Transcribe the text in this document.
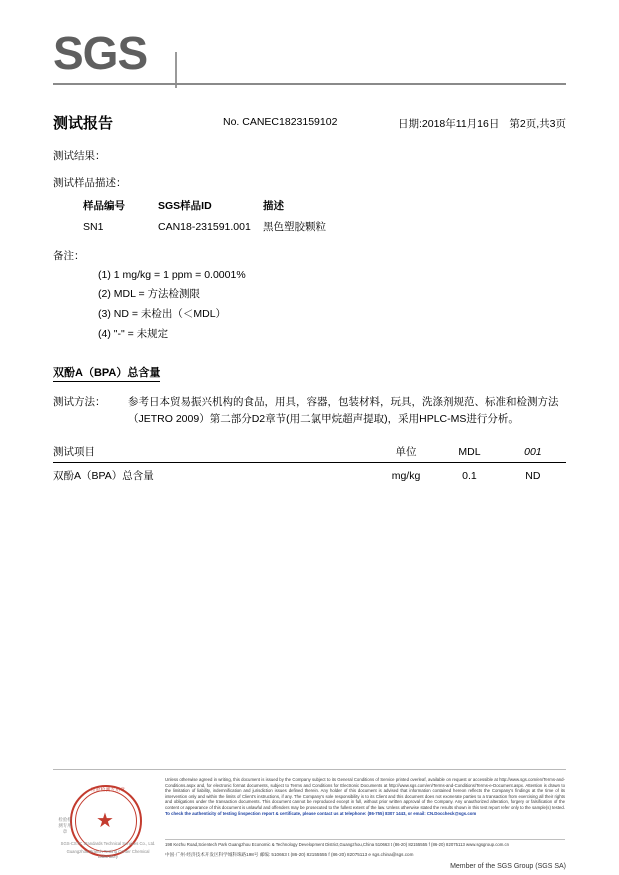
SGS
测试报告	No. CANEC1823159102	日期:2018年11月16日 第2页,共3页
测试结果：
测试样品描述：
样品编号	SGS样品ID	描述
SN1	CAN18-231591.001	黑色塑胶颗粒
备注：
(1) 1 mg/kg = 1 ppm = 0.0001%
(2) MDL = 方法检测限
(3) ND = 未检出（＜MDL）
(4) "-" = 未规定
双酚A（BPA）总含量
测试方法：	参考日本贸易振兴机构的食品，用具，容器，包装材料，玩具，洗涤剂规范、标准和检测方法（JETRO 2009）第二部分D2章节(用二氯甲烷超声提取)，采用HPLC-MS进行分析。
测试项目	单位	MDL	001
双酚A（BPA）总含量	mg/kg	0.1	ND
★
检验检测专用章
检验检测专用章
SGS-CSTC Standards Technical Services Co., Ltd.
Guangzhou Branch Testing Center Chemical Laboratory
Unless otherwise agreed in writing, this document is issued by the Company subject to its General Conditions of Service printed overleaf, available on request or accessible at http://www.sgs.com/en/Terms-and-Conditions.aspx and, for electronic format documents, subject to Terms and Conditions for Electronic Documents at http://www.sgs.com/en/Terms-and-Conditions/Terms-e-Document.aspx. Attention is drawn to the limitation of liability, indemnification and jurisdiction issues defined therein. Any holder of this document is advised that information contained hereon reflects the Company's findings at the time of its intervention only and within the limits of Client's instructions, if any. The Company's sole responsibility is to its Client and this document does not exonerate parties to a transaction from exercising all their rights and obligations under the transaction documents. This document cannot be reproduced except in full, without prior written approval of the Company. Any unauthorized alteration, forgery or falsification of the content or appearance of this document is unlawful and offenders may be prosecuted to the fullest extent of the law. Unless otherwise stated the results shown in this test report refer only to the sample(s) tested. To check the authenticity of testing /inspection report & certificate, please contact us at telephone: (86-755) 8307 1443, or email: CN.Doccheck@sgs.com
198 Kezhu Road,Scientech Park Guangzhou Economic & Technology Development District,Guangzhou,China 510663 t (86-20) 82155555 f (86-20) 82075113 www.sgsgroup.com.cn
中国·广州·经济技术开发区科学城科珠路198号 邮编: 510663 t (86-20) 82155555 f (86-20) 82075113 e sgs.china@sgs.com
Member of the SGS Group (SGS SA)
